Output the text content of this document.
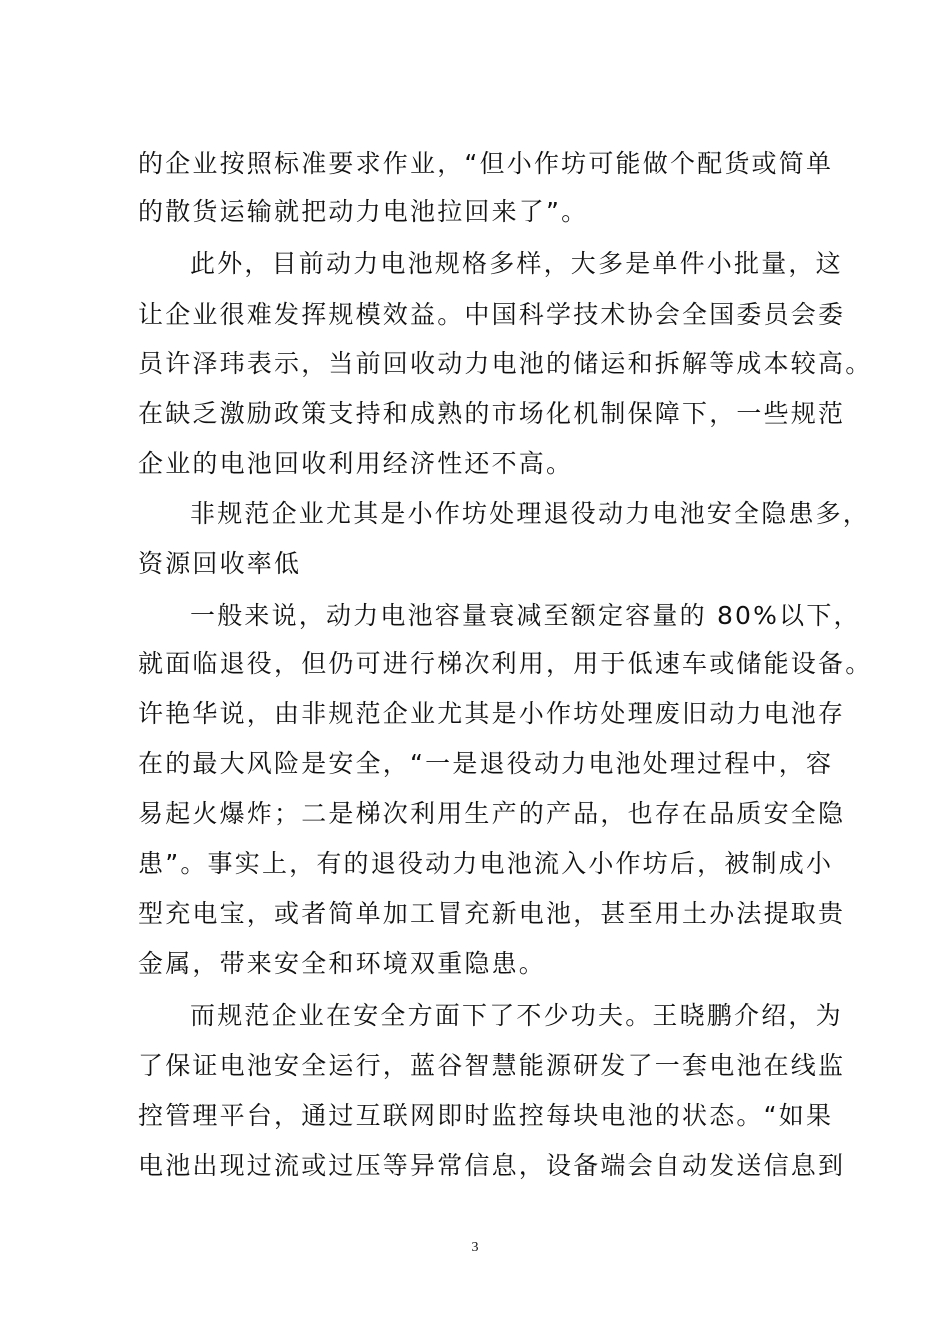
的企业按照标准要求作业，“但小作坊可能做个配货或简单
的散货运输就把动力电池拉回来了”。
此外，目前动力电池规格多样，大多是单件小批量，这
让企业很难发挥规模效益。中国科学技术协会全国委员会委
员许泽玮表示，当前回收动力电池的储运和拆解等成本较高。
在缺乏激励政策支持和成熟的市场化机制保障下，一些规范
企业的电池回收利用经济性还不高。
非规范企业尤其是小作坊处理退役动力电池安全隐患多，
资源回收率低
一般来说，动力电池容量衰减至额定容量的 80%以下，
就面临退役，但仍可进行梯次利用，用于低速车或储能设备。
许艳华说，由非规范企业尤其是小作坊处理废旧动力电池存
在的最大风险是安全，“一是退役动力电池处理过程中，容
易起火爆炸；二是梯次利用生产的产品，也存在品质安全隐
患”。事实上，有的退役动力电池流入小作坊后，被制成小
型充电宝，或者简单加工冒充新电池，甚至用土办法提取贵
金属，带来安全和环境双重隐患。
而规范企业在安全方面下了不少功夫。王晓鹏介绍，为
了保证电池安全运行，蓝谷智慧能源研发了一套电池在线监
控管理平台，通过互联网即时监控每块电池的状态。“如果
电池出现过流或过压等异常信息，设备端会自动发送信息到
3
